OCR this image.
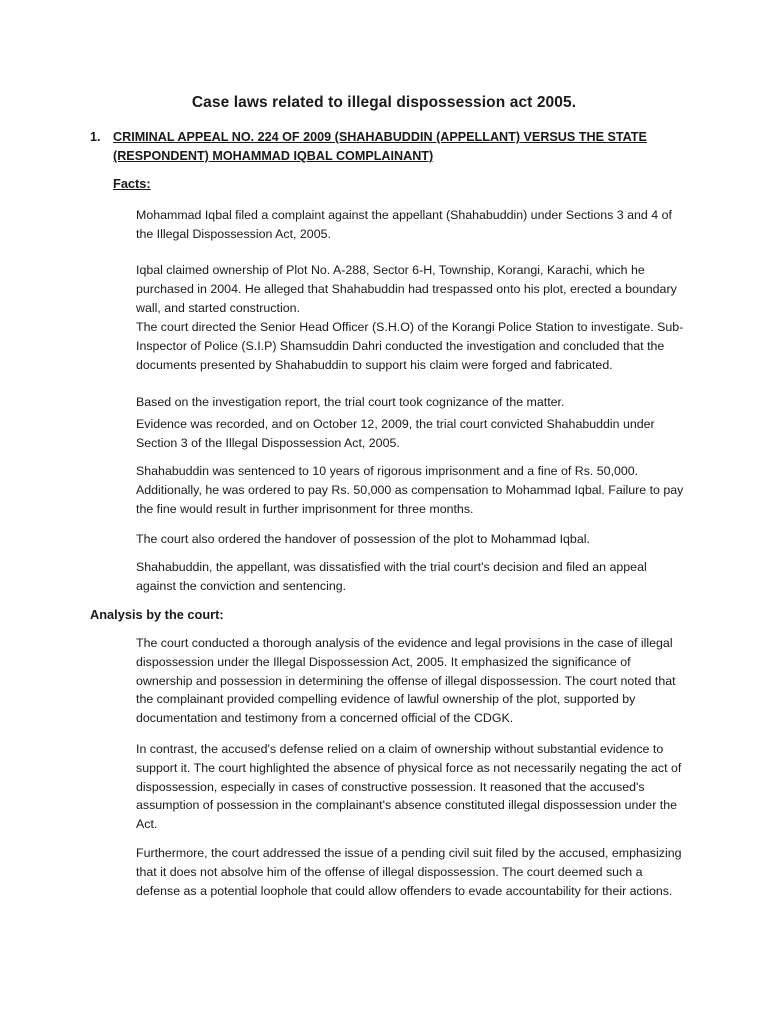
Case laws related to illegal dispossession act 2005.
1. CRIMINAL APPEAL NO. 224 OF 2009 (SHAHABUDDIN (APPELLANT) VERSUS THE STATE (RESPONDENT) MOHAMMAD IQBAL COMPLAINANT)
Facts:

Mohammad Iqbal filed a complaint against the appellant (Shahabuddin) under Sections 3 and 4 of the Illegal Dispossession Act, 2005.

Iqbal claimed ownership of Plot No. A-288, Sector 6-H, Township, Korangi, Karachi, which he purchased in 2004. He alleged that Shahabuddin had trespassed onto his plot, erected a boundary wall, and started construction.

The court directed the Senior Head Officer (S.H.O) of the Korangi Police Station to investigate. Sub-Inspector of Police (S.I.P) Shamsuddin Dahri conducted the investigation and concluded that the documents presented by Shahabuddin to support his claim were forged and fabricated.

Based on the investigation report, the trial court took cognizance of the matter.

Evidence was recorded, and on October 12, 2009, the trial court convicted Shahabuddin under Section 3 of the Illegal Dispossession Act, 2005.

Shahabuddin was sentenced to 10 years of rigorous imprisonment and a fine of Rs. 50,000. Additionally, he was ordered to pay Rs. 50,000 as compensation to Mohammad Iqbal. Failure to pay the fine would result in further imprisonment for three months.

The court also ordered the handover of possession of the plot to Mohammad Iqbal.

Shahabuddin, the appellant, was dissatisfied with the trial court's decision and filed an appeal against the conviction and sentencing.

Analysis by the court:

The court conducted a thorough analysis of the evidence and legal provisions in the case of illegal dispossession under the Illegal Dispossession Act, 2005. It emphasized the significance of ownership and possession in determining the offense of illegal dispossession. The court noted that the complainant provided compelling evidence of lawful ownership of the plot, supported by documentation and testimony from a concerned official of the CDGK.

In contrast, the accused's defense relied on a claim of ownership without substantial evidence to support it. The court highlighted the absence of physical force as not necessarily negating the act of dispossession, especially in cases of constructive possession. It reasoned that the accused's assumption of possession in the complainant's absence constituted illegal dispossession under the Act.

Furthermore, the court addressed the issue of a pending civil suit filed by the accused, emphasizing that it does not absolve him of the offense of illegal dispossession. The court deemed such a defense as a potential loophole that could allow offenders to evade accountability for their actions.
